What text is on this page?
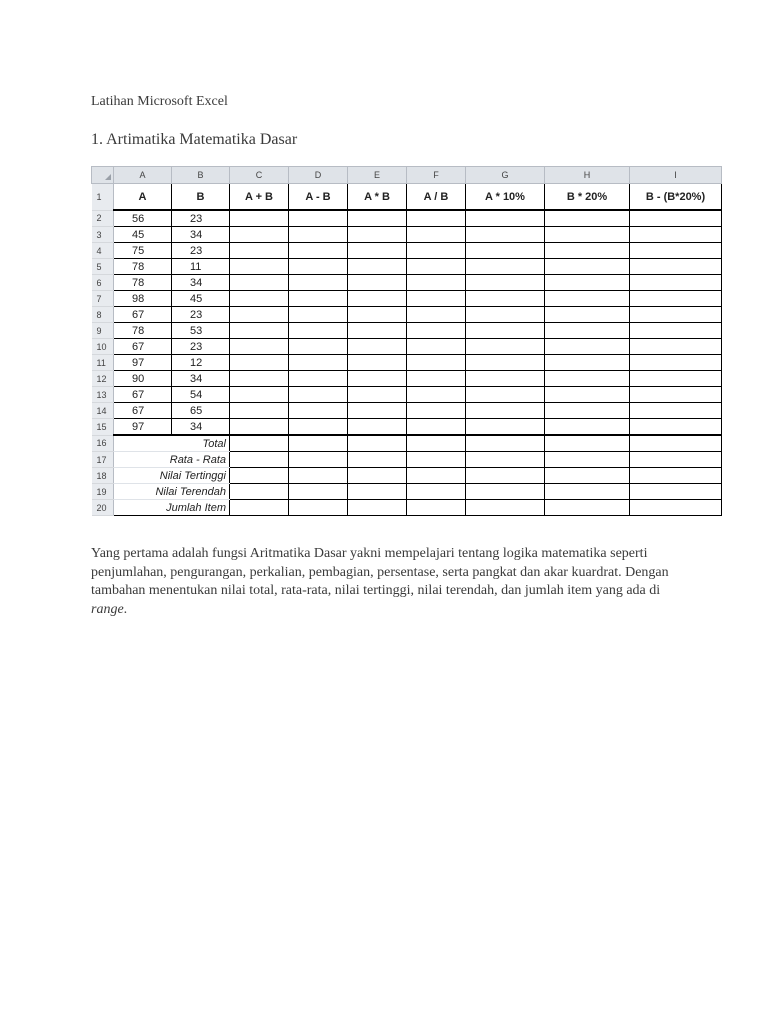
Latihan Microsoft Excel
1. Artimatika Matematika Dasar
	A	B	C	D	E	F	G	H	I
1	A	B	A + B	A - B	A * B	A / B	A * 10%	B * 20%	B - (B*20%)
2	56	23							
3	45	34							
4	75	23							
5	78	11							
6	78	34							
7	98	45							
8	67	23							
9	78	53							
10	67	23							
11	97	12							
12	90	34							
13	67	54							
14	67	65							
15	97	34							
16	Total								
17	Rata - Rata								
18	Nilai Tertinggi								
19	Nilai Terendah								
20	Jumlah Item								
Yang pertama adalah fungsi Aritmatika Dasar yakni mempelajari tentang logika matematika seperti penjumlahan, pengurangan, perkalian, pembagian, persentase, serta pangkat dan akar kuardrat. Dengan tambahan menentukan nilai total, rata-rata, nilai tertinggi, nilai terendah, dan jumlah item yang ada di range.
